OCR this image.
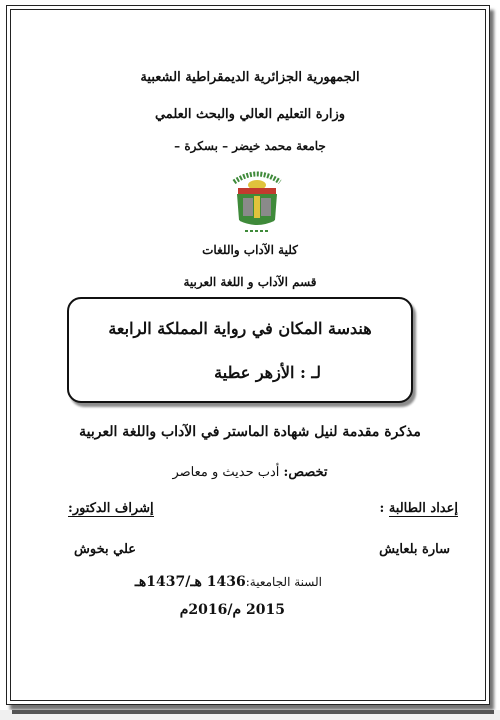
الجمهورية الجزائرية الديمقراطية الشعبية
وزارة التعليم العالي والبحث العلمي
جامعة محمد خيضر – بسكرة –
كلية الآداب واللغات
قسم الآداب و اللغة العربية
هندسة المكان في رواية المملكة الرابعة
لـ : الأزهر عطية
مذكرة مقدمة لنيل شهادة الماستر في الآداب واللغة العربية
تخصص: أدب حديث و معاصر
إعداد الطالبة :
إشراف الدكتور:
سارة بلعايش
علي بخوش
السنة الجامعية:1436 هـ/1437هـ
2015 م/2016م
